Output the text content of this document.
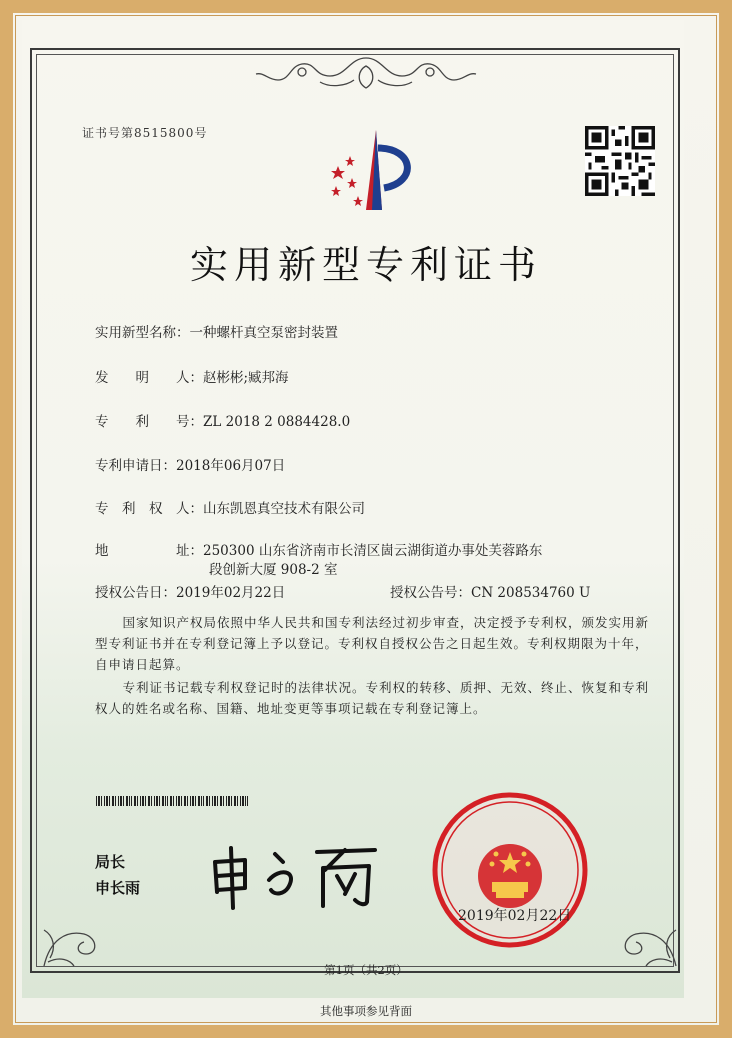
证书号第8515800号
实用新型专利证书
实用新型名称：一种螺杆真空泵密封装置
发　　明　　人：赵彬彬;臧邦海
专　　利　　号：ZL 2018 2 0884428.0
专利申请日：2018年06月07日
专　利　权　人：山东凯恩真空技术有限公司
地　　　　　址：250300 山东省济南市长清区崮云湖街道办事处芙蓉路东
段创新大厦 908-2 室
授权公告日：2019年02月22日	授权公告号：CN 208534760 U
国家知识产权局依照中华人民共和国专利法经过初步审查，决定授予专利权，颁发实用新型专利证书并在专利登记簿上予以登记。专利权自授权公告之日起生效。专利权期限为十年，自申请日起算。
专利证书记载专利权登记时的法律状况。专利权的转移、质押、无效、终止、恢复和专利权人的姓名或名称、国籍、地址变更等事项记载在专利登记簿上。
局长
申长雨
2019年02月22日
第1页（共2页）
其他事项参见背面
